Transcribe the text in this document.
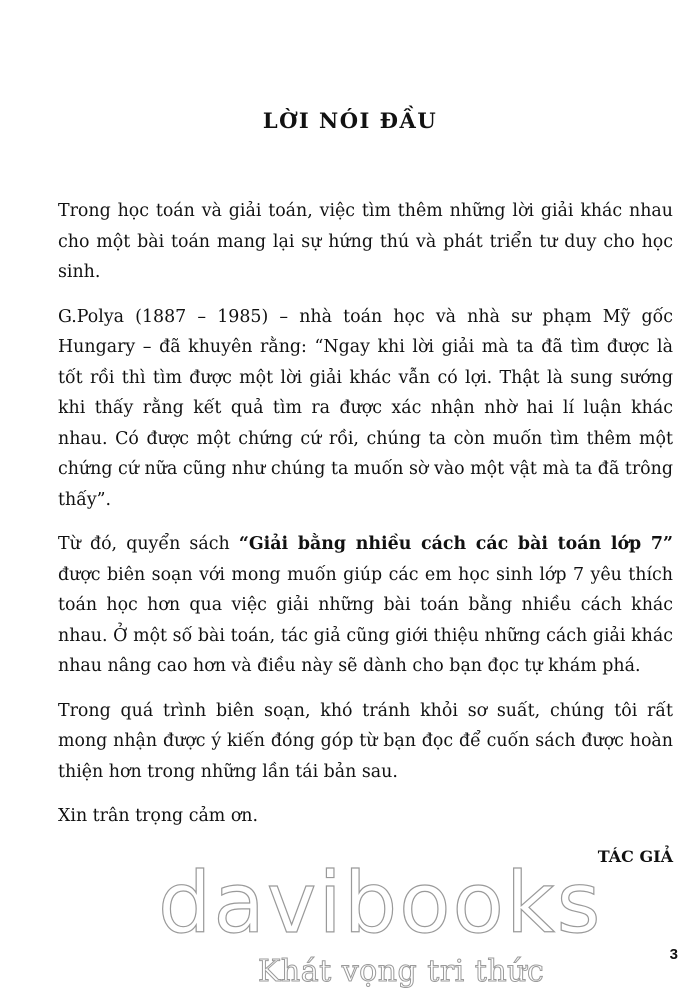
LỜI NÓI ĐẦU

Trong học toán và giải toán, việc tìm thêm những lời giải khác nhau cho một bài toán mang lại sự hứng thú và phát triển tư duy cho học sinh.

G.Polya (1887 – 1985) – nhà toán học và nhà sư phạm Mỹ gốc Hungary – đã khuyên rằng: “Ngay khi lời giải mà ta đã tìm được là tốt rồi thì tìm được một lời giải khác vẫn có lợi. Thật là sung sướng khi thấy rằng kết quả tìm ra được xác nhận nhờ hai lí luận khác nhau. Có được một chứng cứ rồi, chúng ta còn muốn tìm thêm một chứng cứ nữa cũng như chúng ta muốn sờ vào một vật mà ta đã trông thấy”.

Từ đó, quyển sách “Giải bằng nhiều cách các bài toán lớp 7” được biên soạn với mong muốn giúp các em học sinh lớp 7 yêu thích toán học hơn qua việc giải những bài toán bằng nhiều cách khác nhau. Ở một số bài toán, tác giả cũng giới thiệu những cách giải khác nhau nâng cao hơn và điều này sẽ dành cho bạn đọc tự khám phá.

Trong quá trình biên soạn, khó tránh khỏi sơ suất, chúng tôi rất mong nhận được ý kiến đóng góp từ bạn đọc để cuốn sách được hoàn thiện hơn trong những lần tái bản sau.

Xin trân trọng cảm ơn.

TÁC GIẢ

davibooks

Khát vọng tri thức	3
